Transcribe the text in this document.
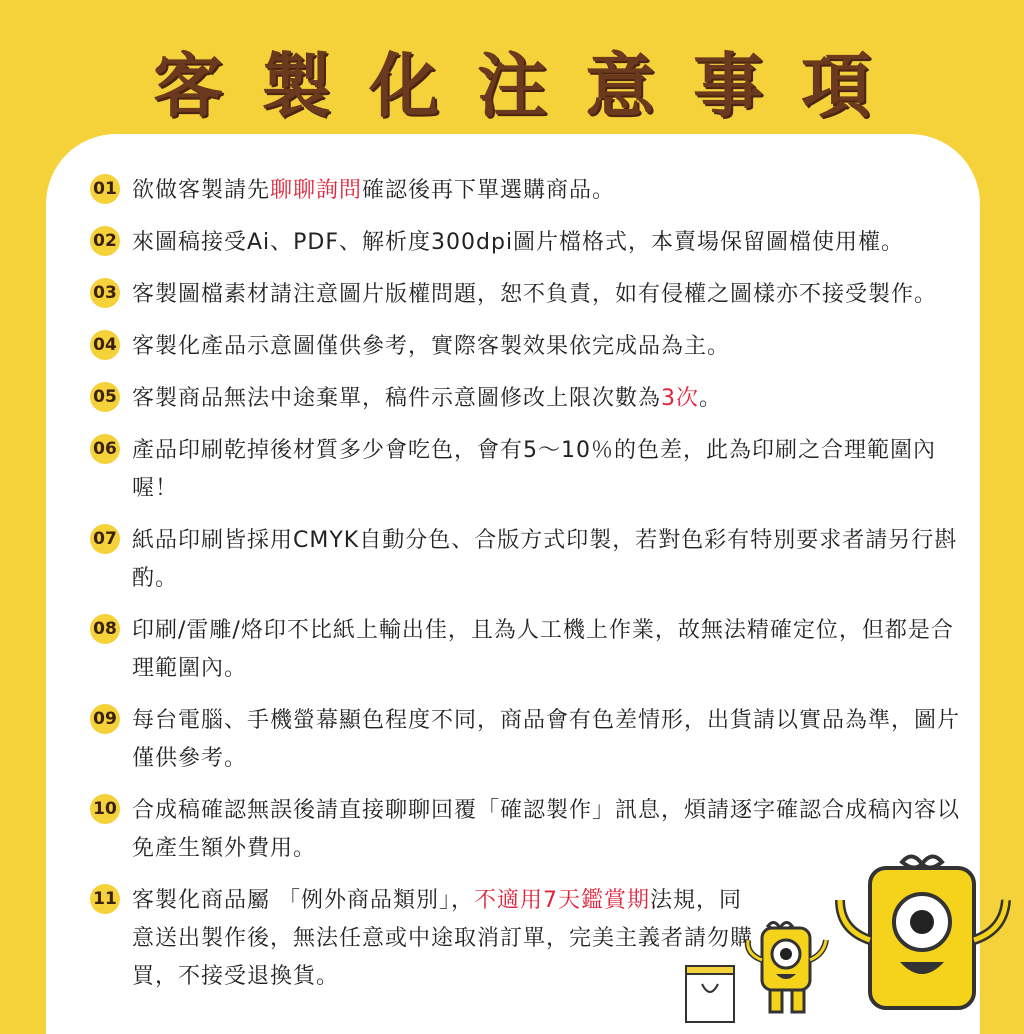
客製化注意事項
01 欲做客製請先聊聊詢問確認後再下單選購商品。
02 來圖稿接受Ai、PDF、解析度300dpi圖片檔格式，本賣場保留圖檔使用權。
03 客製圖檔素材請注意圖片版權問題，恕不負責，如有侵權之圖樣亦不接受製作。
04 客製化產品示意圖僅供參考，實際客製效果依完成品為主。
05 客製商品無法中途棄單，稿件示意圖修改上限次數為3次。
06 產品印刷乾掉後材質多少會吃色，會有5～10％的色差，此為印刷之合理範圍內喔！
07 紙品印刷皆採用CMYK自動分色、合版方式印製，若對色彩有特別要求者請另行斟酌。
08 印刷/雷雕/烙印不比紙上輸出佳，且為人工機上作業，故無法精確定位，但都是合理範圍內。
09 每台電腦、手機螢幕顯色程度不同，商品會有色差情形，出貨請以實品為準，圖片僅供參考。
10 合成稿確認無誤後請直接聊聊回覆「確認製作」訊息，煩請逐字確認合成稿內容以免產生額外費用。
11 客製化商品屬 「例外商品類別」，不適用7天鑑賞期法規，同意送出製作後，無法任意或中途取消訂單，完美主義者請勿購買，不接受退換貨。
